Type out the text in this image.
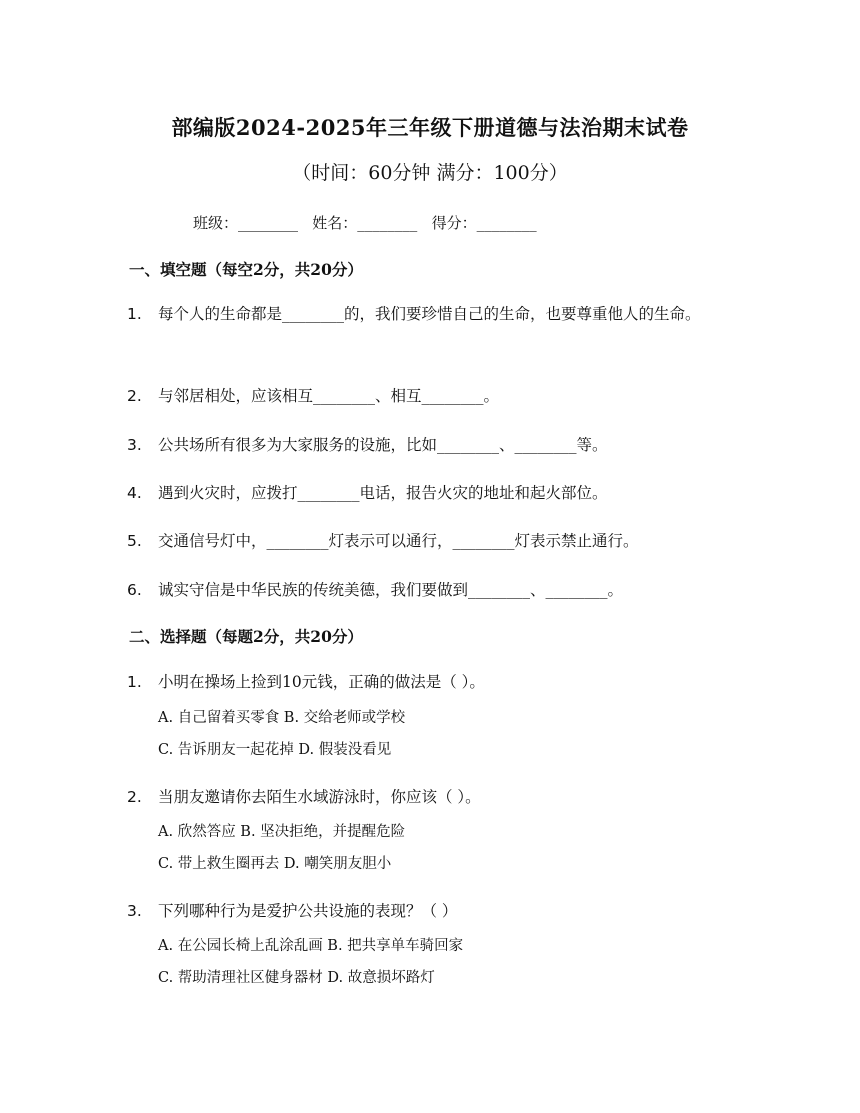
部编版2024-2025年三年级下册道德与法治期末试卷
（时间：60分钟 满分：100分）
班级：________   姓名：________   得分：________
一、填空题（每空2分，共20分）
1. 每个人的生命都是________的，我们要珍惜自己的生命，也要尊重他人的生命。
2. 与邻居相处，应该相互________、相互________。
3. 公共场所有很多为大家服务的设施，比如________、________等。
4. 遇到火灾时，应拨打________电话，报告火灾的地址和起火部位。
5. 交通信号灯中，________灯表示可以通行，________灯表示禁止通行。
6. 诚实守信是中华民族的传统美德，我们要做到________、________。
二、选择题（每题2分，共20分）
1. 小明在操场上捡到10元钱，正确的做法是（ ）。
A. 自己留着买零食 B. 交给老师或学校
C. 告诉朋友一起花掉 D. 假装没看见
2. 当朋友邀请你去陌生水域游泳时，你应该（ ）。
A. 欣然答应 B. 坚决拒绝，并提醒危险
C. 带上救生圈再去 D. 嘲笑朋友胆小
3. 下列哪种行为是爱护公共设施的表现？（ ）
A. 在公园长椅上乱涂乱画 B. 把共享单车骑回家
C. 帮助清理社区健身器材 D. 故意损坏路灯
